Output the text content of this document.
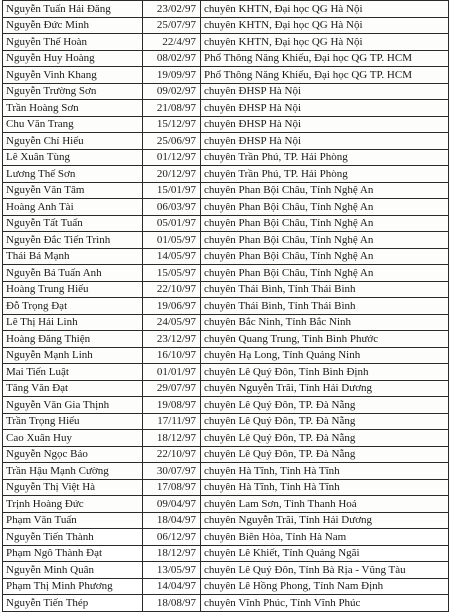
Nguyễn Tuấn Hải Đăng	23/02/97	chuyên KHTN, Đại học QG Hà Nội
Nguyễn Đức Minh	25/07/97	chuyên KHTN, Đại học QG Hà Nội
Nguyễn Thế Hoàn	22/4/97	chuyên KHTN, Đại học QG Hà Nội
Nguyễn Huy Hoàng	08/02/97	Phổ Thông Năng Khiếu, Đại học QG TP. HCM
Nguyễn Vinh Khang	19/09/97	Phổ Thông Năng Khiếu, Đại học QG TP. HCM
Nguyễn Trường Sơn	09/02/97	chuyên ĐHSP Hà Nội
Trần Hoàng Sơn	21/08/97	chuyên ĐHSP Hà Nội
Chu Văn Trang	15/12/97	chuyên ĐHSP Hà Nội
Nguyễn Chí Hiếu	25/06/97	chuyên ĐHSP Hà Nội
Lê Xuân Tùng	01/12/97	chuyên Trần Phú, TP. Hải Phòng
Lương Thế Sơn	20/12/97	chuyên Trần Phú, TP. Hải Phòng
Nguyễn Văn Tâm	15/01/97	chuyên Phan Bội Châu, Tỉnh Nghệ An
Hoàng Anh Tài	06/03/97	chuyên Phan Bội Châu, Tỉnh Nghệ An
Nguyễn Tất Tuấn	05/01/97	chuyên Phan Bội Châu, Tỉnh Nghệ An
Nguyễn Đắc Tiến Trình	01/05/97	chuyên Phan Bội Châu, Tỉnh Nghệ An
Thái Bá Mạnh	14/05/97	chuyên Phan Bội Châu, Tỉnh Nghệ An
Nguyễn Bá Tuấn Anh	15/05/97	chuyên Phan Bội Châu, Tỉnh Nghệ An
Hoàng Trung Hiếu	22/10/97	chuyên Thái Bình, Tỉnh Thái Bình
Đỗ Trọng Đạt	19/06/97	chuyên Thái Bình, Tỉnh Thái Bình
Lê Thị Hải Linh	24/05/97	chuyên Bắc Ninh, Tỉnh Bắc Ninh
Hoàng Đăng Thiện	23/12/97	chuyên Quang Trung, Tỉnh Bình Phước
Nguyễn Mạnh Linh	16/10/97	chuyên Hạ Long, Tỉnh Quảng Ninh
Mai Tiến Luật	01/01/97	chuyên Lê Quý Đôn, Tỉnh Bình Định
Tăng Văn Đạt	29/07/97	chuyên Nguyễn Trãi, Tỉnh Hải Dương
Nguyễn Văn Gia Thịnh	19/08/97	chuyên Lê Quý Đôn, TP. Đà Nẵng
Trần Trọng Hiếu	17/11/97	chuyên Lê Quý Đôn, TP. Đà Nẵng
Cao Xuân Huy	18/12/97	chuyên Lê Quý Đôn, TP. Đà Nẵng
Nguyễn Ngọc Bảo	22/10/97	chuyên Lê Quý Đôn, TP. Đà Nẵng
Trần Hậu Mạnh Cường	30/07/97	chuyên Hà Tĩnh, Tỉnh Hà Tĩnh
Nguyễn Thị Việt Hà	17/08/97	chuyên Hà Tĩnh, Tỉnh Hà Tĩnh
Trịnh Hoàng Đức	09/04/97	chuyên Lam Sơn, Tỉnh Thanh Hoá
Phạm Văn Tuấn	18/04/97	chuyên Nguyễn Trãi, Tỉnh Hải Dương
Nguyễn Tiến Thành	06/12/97	chuyên Biên Hòa, Tỉnh Hà Nam
Phạm Ngô Thành Đạt	18/12/97	chuyên Lê Khiết, Tỉnh Quảng Ngãi
Nguyễn Minh Quân	13/05/97	chuyên Lê Quý Đôn, Tỉnh Bà Rịa - Vũng Tàu
Phạm Thị Minh Phương	14/04/97	chuyên Lê Hồng Phong, Tỉnh Nam Định
Nguyễn Tiến Thép	18/08/97	chuyên Vĩnh Phúc, Tỉnh Vĩnh Phúc
